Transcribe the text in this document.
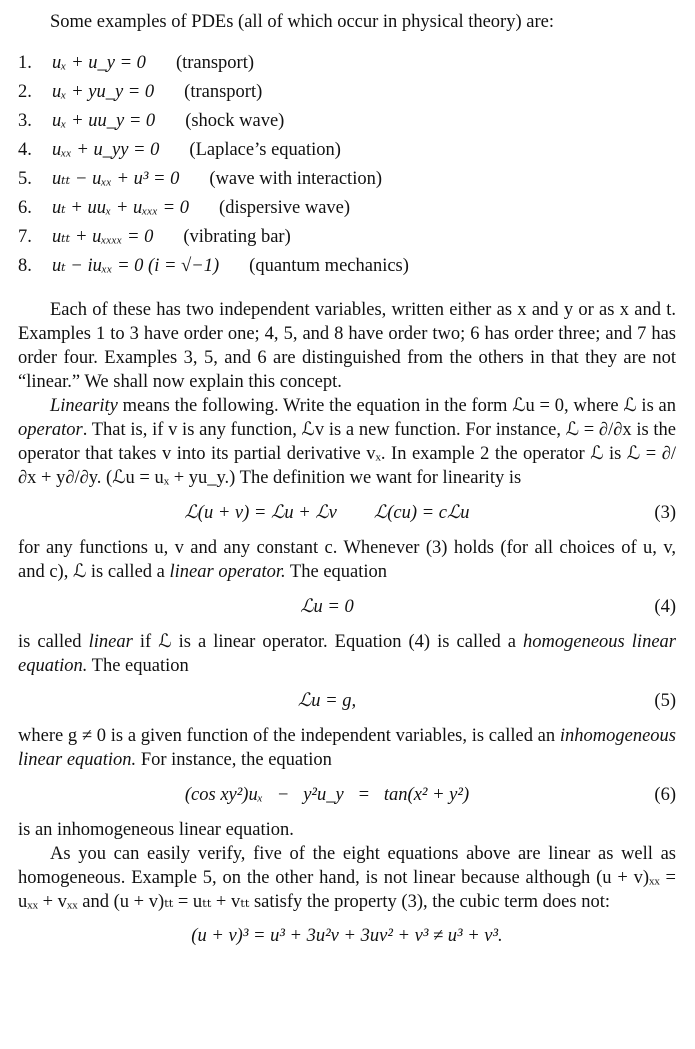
Some examples of PDEs (all of which occur in physical theory) are:

1.	uₓ + u_y = 0 (transport)
2.	uₓ + yu_y = 0 (transport)
3.	uₓ + uu_y = 0 (shock wave)
4.	uₓₓ + u_yy = 0 (Laplace’s equation)
5.	uₜₜ − uₓₓ + u³ = 0 (wave with interaction)
6.	uₜ + uuₓ + uₓₓₓ = 0 (dispersive wave)
7.	uₜₜ + uₓₓₓₓ = 0 (vibrating bar)
8.	uₜ − iuₓₓ = 0 (i = √−1) (quantum mechanics)

Each of these has two independent variables, written either as x and y or as x and t. Examples 1 to 3 have order one; 4, 5, and 8 have order two; 6 has order three; and 7 has order four. Examples 3, 5, and 6 are distinguished from the others in that they are not “linear.” We shall now explain this concept.

Linearity means the following. Write the equation in the form ℒu = 0, where ℒ is an operator. That is, if v is any function, ℒv is a new function. For instance, ℒ = ∂/∂x is the operator that takes v into its partial derivative vₓ. In example 2 the operator ℒ is ℒ = ∂/∂x + y∂/∂y. (ℒu = uₓ + yu_y.) The definition we want for linearity is

ℒ(u + v) = ℒu + ℒv        ℒ(cu) = cℒu	(3)

for any functions u, v and any constant c. Whenever (3) holds (for all choices of u, v, and c), ℒ is called a linear operator. The equation

ℒu = 0	(4)

is called linear if ℒ is a linear operator. Equation (4) is called a homogeneous linear equation. The equation

ℒu = g,	(5)

where g ≠ 0 is a given function of the independent variables, is called an inhomogeneous linear equation. For instance, the equation

(cos xy²)uₓ   −   y²u_y   =   tan(x² + y²)	(6)

is an inhomogeneous linear equation.

As you can easily verify, five of the eight equations above are linear as well as homogeneous. Example 5, on the other hand, is not linear because although (u + v)ₓₓ = uₓₓ + vₓₓ and (u + v)ₜₜ = uₜₜ + vₜₜ satisfy the property (3), the cubic term does not:

(u + v)³ = u³ + 3u²v + 3uv² + v³ ≠ u³ + v³.
